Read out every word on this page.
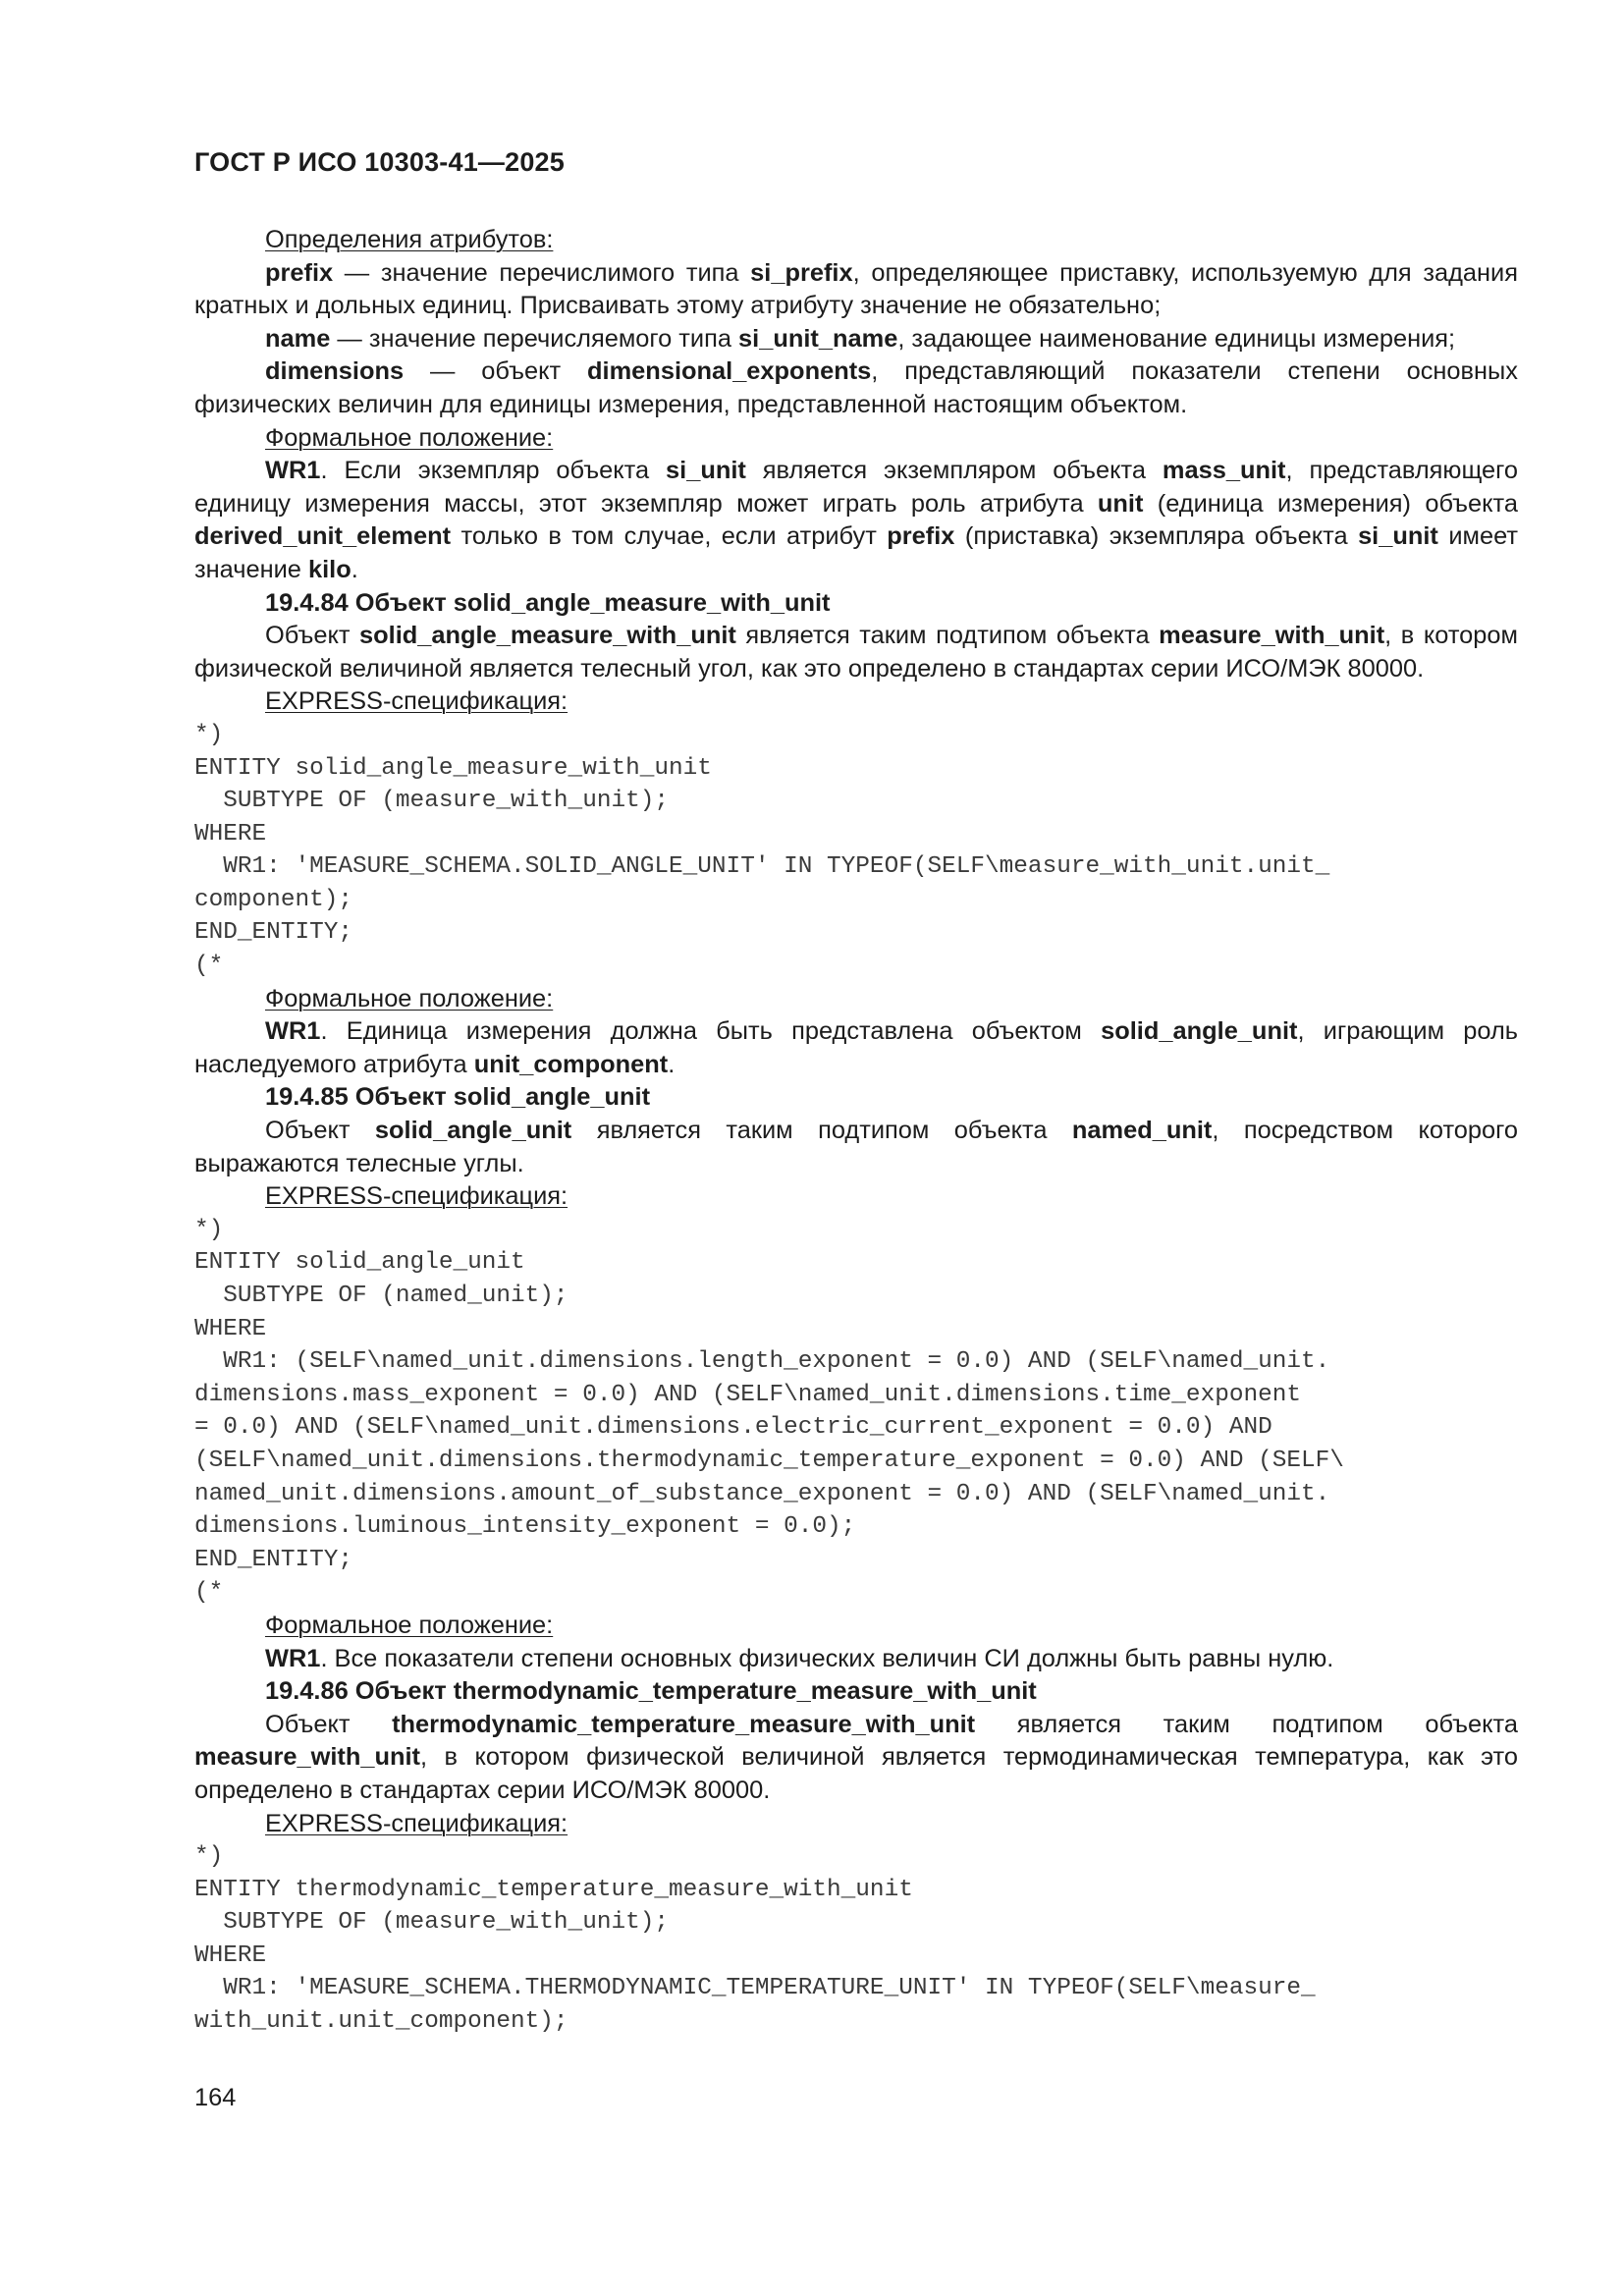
ГОСТ Р ИСО 10303-41—2025

Определения атрибутов:

prefix — значение перечислимого типа si_prefix, определяющее приставку, используемую для задания кратных и дольных единиц. Присваивать этому атрибуту значение не обязательно;

name — значение перечисляемого типа si_unit_name, задающее наименование единицы измерения;

dimensions — объект dimensional_exponents, представляющий показатели степени основных физических величин для единицы измерения, представленной настоящим объектом.

Формальное положение:

WR1. Если экземпляр объекта si_unit является экземпляром объекта mass_unit, представляющего единицу измерения массы, этот экземпляр может играть роль атрибута unit (единица измерения) объекта derived_unit_element только в том случае, если атрибут prefix (приставка) экземпляра объекта si_unit имеет значение kilo.

19.4.84 Объект solid_angle_measure_with_unit

Объект solid_angle_measure_with_unit является таким подтипом объекта measure_with_unit, в котором физической величиной является телесный угол, как это определено в стандартах серии ИСО/МЭК 80000.

EXPRESS-спецификация:

*)
ENTITY solid_angle_measure_with_unit
SUBTYPE OF (measure_with_unit);
WHERE
WR1: 'MEASURE_SCHEMA.SOLID_ANGLE_UNIT' IN TYPEOF(SELF\measure_with_unit.unit_
component);
END_ENTITY;
(*

Формальное положение:

WR1. Единица измерения должна быть представлена объектом solid_angle_unit, играющим роль наследуемого атрибута unit_component.

19.4.85 Объект solid_angle_unit

Объект solid_angle_unit является таким подтипом объекта named_unit, посредством которого выражаются телесные углы.

EXPRESS-спецификация:

*)
ENTITY solid_angle_unit
SUBTYPE OF (named_unit);
WHERE
WR1: (SELF\named_unit.dimensions.length_exponent = 0.0) AND (SELF\named_unit.
dimensions.mass_exponent = 0.0) AND (SELF\named_unit.dimensions.time_exponent
= 0.0) AND (SELF\named_unit.dimensions.electric_current_exponent = 0.0) AND
(SELF\named_unit.dimensions.thermodynamic_temperature_exponent = 0.0) AND (SELF\
named_unit.dimensions.amount_of_substance_exponent = 0.0) AND (SELF\named_unit.
dimensions.luminous_intensity_exponent = 0.0);
END_ENTITY;
(*

Формальное положение:

WR1. Все показатели степени основных физических величин СИ должны быть равны нулю.

19.4.86 Объект thermodynamic_temperature_measure_with_unit

Объект thermodynamic_temperature_measure_with_unit является таким подтипом объекта measure_with_unit, в котором физической величиной является термодинамическая температура, как это определено в стандартах серии ИСО/МЭК 80000.

EXPRESS-спецификация:

*)
ENTITY thermodynamic_temperature_measure_with_unit
SUBTYPE OF (measure_with_unit);
WHERE
WR1: 'MEASURE_SCHEMA.THERMODYNAMIC_TEMPERATURE_UNIT' IN TYPEOF(SELF\measure_
with_unit.unit_component);
164
